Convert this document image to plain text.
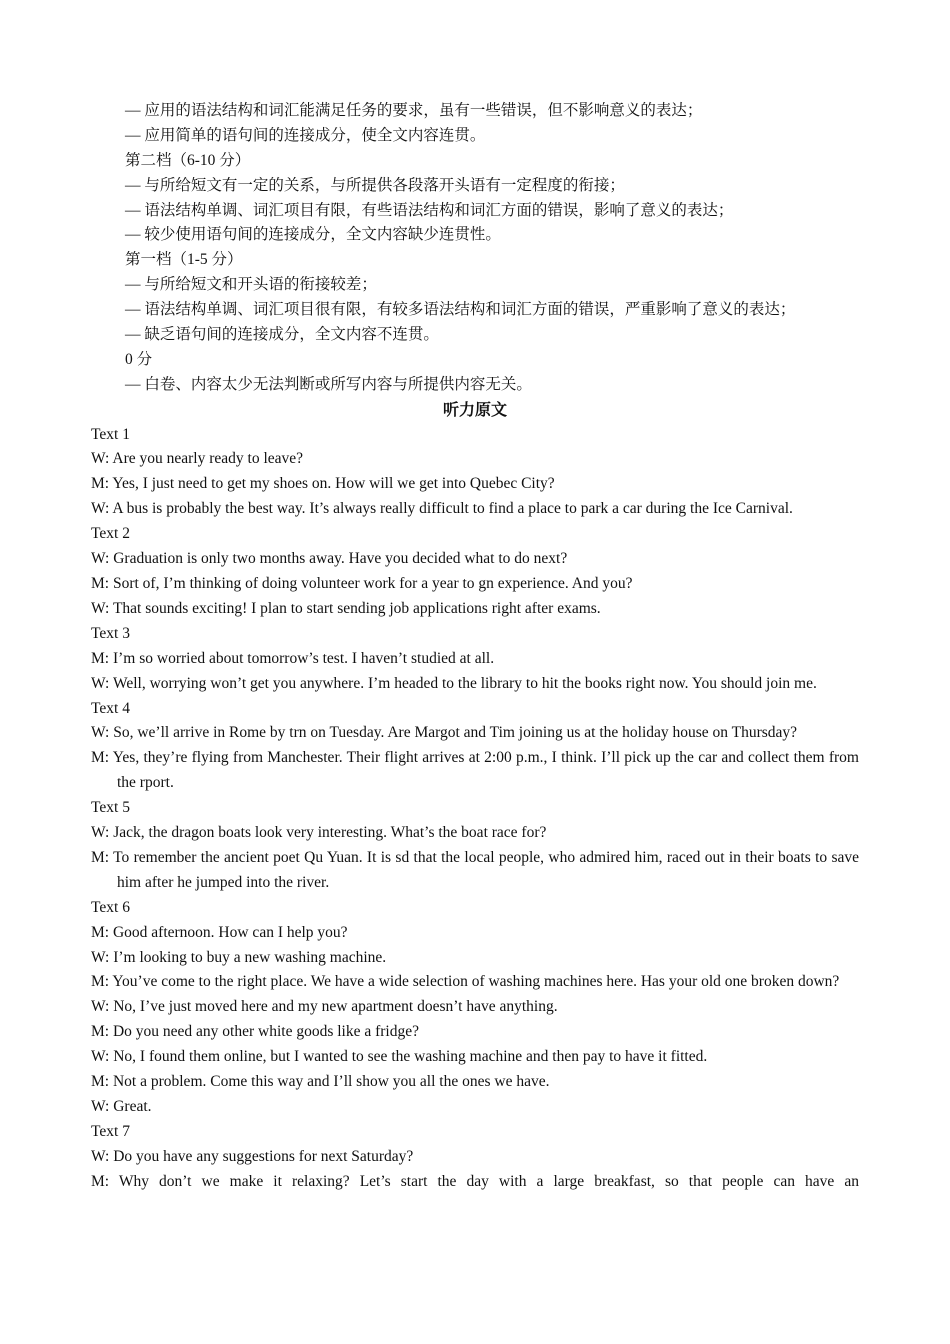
— 应用的语法结构和词汇能满足任务的要求，虽有一些错误，但不影响意义的表达；
— 应用简单的语句间的连接成分，使全文内容连贯。
第二档（6-10 分）
— 与所给短文有一定的关系，与所提供各段落开头语有一定程度的衔接；
— 语法结构单调、词汇项目有限，有些语法结构和词汇方面的错误，影响了意义的表达；
— 较少使用语句间的连接成分，全文内容缺少连贯性。
第一档（1-5 分）
— 与所给短文和开头语的衔接较差；
— 语法结构单调、词汇项目很有限，有较多语法结构和词汇方面的错误，严重影响了意义的表达；
— 缺乏语句间的连接成分，全文内容不连贯。
0 分
— 白卷、内容太少无法判断或所写内容与所提供内容无关。
听力原文
Text 1
W: Are you nearly ready to leave?
M: Yes, I just need to get my shoes on. How will we get into Quebec City?
W: A bus is probably the best way. It’s always really difficult to find a place to park a car during the Ice Carnival.
Text 2
W: Graduation is only two months away. Have you decided what to do next?
M: Sort of, I’m thinking of doing volunteer work for a year to gn experience. And you?
W: That sounds exciting! I plan to start sending job applications right after exams.
Text 3
M: I’m so worried about tomorrow’s test. I haven’t studied at all.
W: Well, worrying won’t get you anywhere. I’m headed to the library to hit the books right now. You should join me.
Text 4
W: So, we’ll arrive in Rome by trn on Tuesday. Are Margot and Tim joining us at the holiday house on Thursday?
M: Yes, they’re flying from Manchester. Their flight arrives at 2:00 p.m., I think. I’ll pick up the car and collect them from the rport.
Text 5
W: Jack, the dragon boats look very interesting. What’s the boat race for?
M: To remember the ancient poet Qu Yuan. It is sd that the local people, who admired him, raced out in their boats to save him after he jumped into the river.
Text 6
M: Good afternoon. How can I help you?
W: I’m looking to buy a new washing machine.
M: You’ve come to the right place. We have a wide selection of washing machines here. Has your old one broken down?
W: No, I’ve just moved here and my new apartment doesn’t have anything.
M: Do you need any other white goods like a fridge?
W: No, I found them online, but I wanted to see the washing machine and then pay to have it fitted.
M: Not a problem. Come this way and I’ll show you all the ones we have.
W: Great.
Text 7
W: Do you have any suggestions for next Saturday?
M: Why don’t we make it relaxing? Let’s start the day with a large breakfast, so that people can have an
